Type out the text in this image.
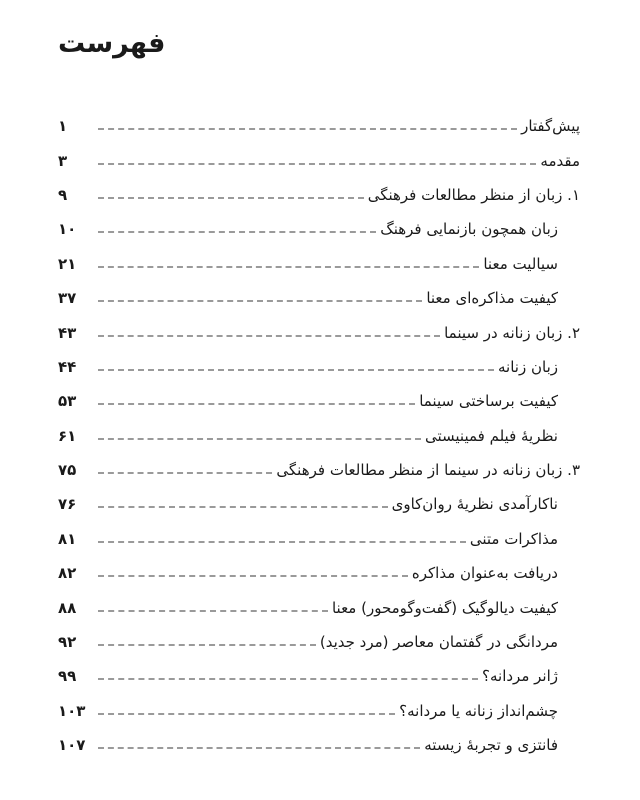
فهرست
۱	پیش‌گفتار
۳	مقدمه
۹	۱. زبان از منظر مطالعات فرهنگی
۱۰	زبان همچون بازنمایی فرهنگ
۲۱	سیالیت معنا
۳۷	کیفیت مذاکره‌ای معنا
۴۳	۲. زبان زنانه در سینما
۴۴	زبان زنانه
۵۳	کیفیت برساختی سینما
۶۱	نظریهٔ فیلم فمینیستی
۷۵	۳. زبان زنانه در سینما از منظر مطالعات فرهنگی
۷۶	ناکارآمدی نظریهٔ روان‌کاوی
۸۱	مذاکرات متنی
۸۲	دریافت به‌عنوان مذاکره
۸۸	کیفیت دیالوگیک (گفت‌وگومحور) معنا
۹۲	مردانگی در گفتمان معاصر (مرد جدید)
۹۹	ژانر مردانه؟
۱۰۳	چشم‌انداز زنانه یا مردانه؟
۱۰۷	فانتزی و تجربهٔ زیسته
